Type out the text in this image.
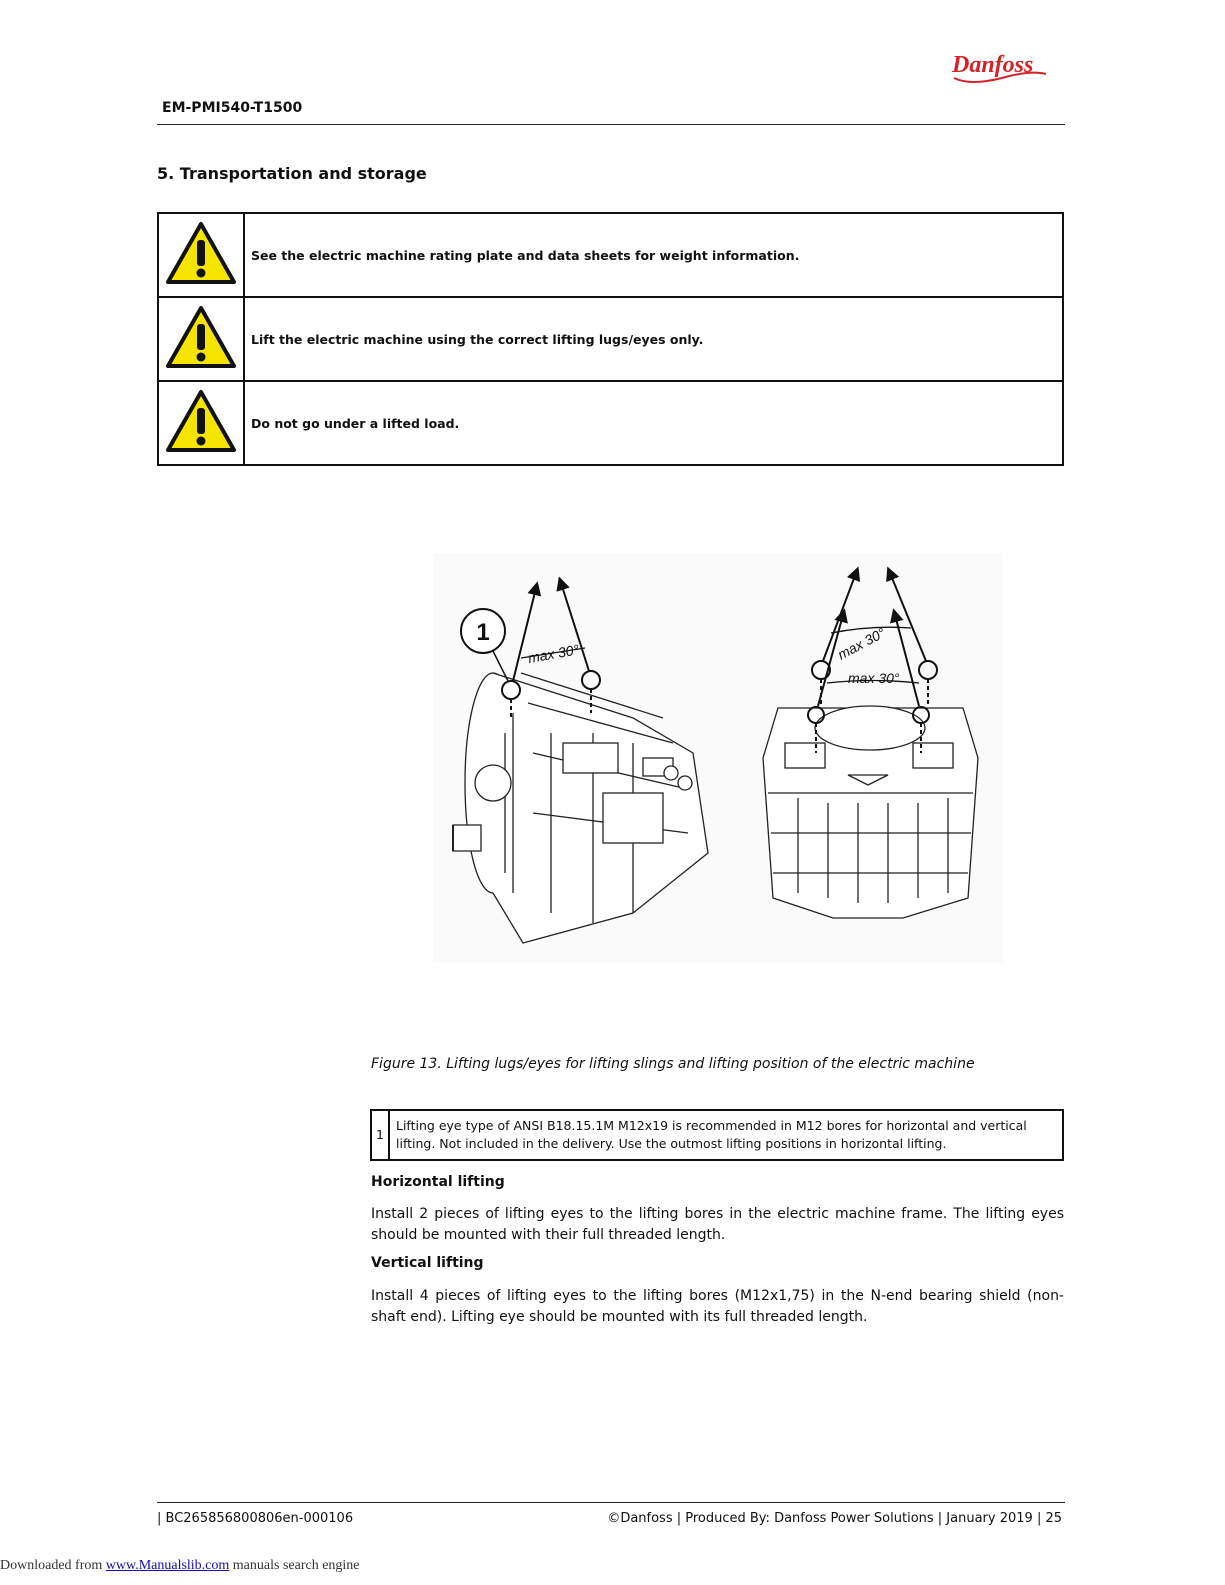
Danfoss
EM-PMI540-T1500
5. Transportation and storage
	See the electric machine rating plate and data sheets for weight information.
	Lift the electric machine using the correct lifting lugs/eyes only.
	Do not go under a lifted load.
1
max 30°	max 30°
max 30°
Figure 13. Lifting lugs/eyes for lifting slings and lifting position of the electric machine
1	Lifting eye type of ANSI B18.15.1M M12x19 is recommended in M12 bores for horizontal and vertical lifting. Not included in the delivery. Use the outmost lifting positions in horizontal lifting.
Horizontal lifting
Install 2 pieces of lifting eyes to the lifting bores in the electric machine frame. The lifting eyes should be mounted with their full threaded length.
Vertical lifting
Install 4 pieces of lifting eyes to the lifting bores (M12x1,75) in the N-end bearing shield (non-shaft end). Lifting eye should be mounted with its full threaded length.
| BC265856800806en-000106	©Danfoss | Produced By: Danfoss Power Solutions | January 2019 | 25
Downloaded from www.Manualslib.com manuals search engine
